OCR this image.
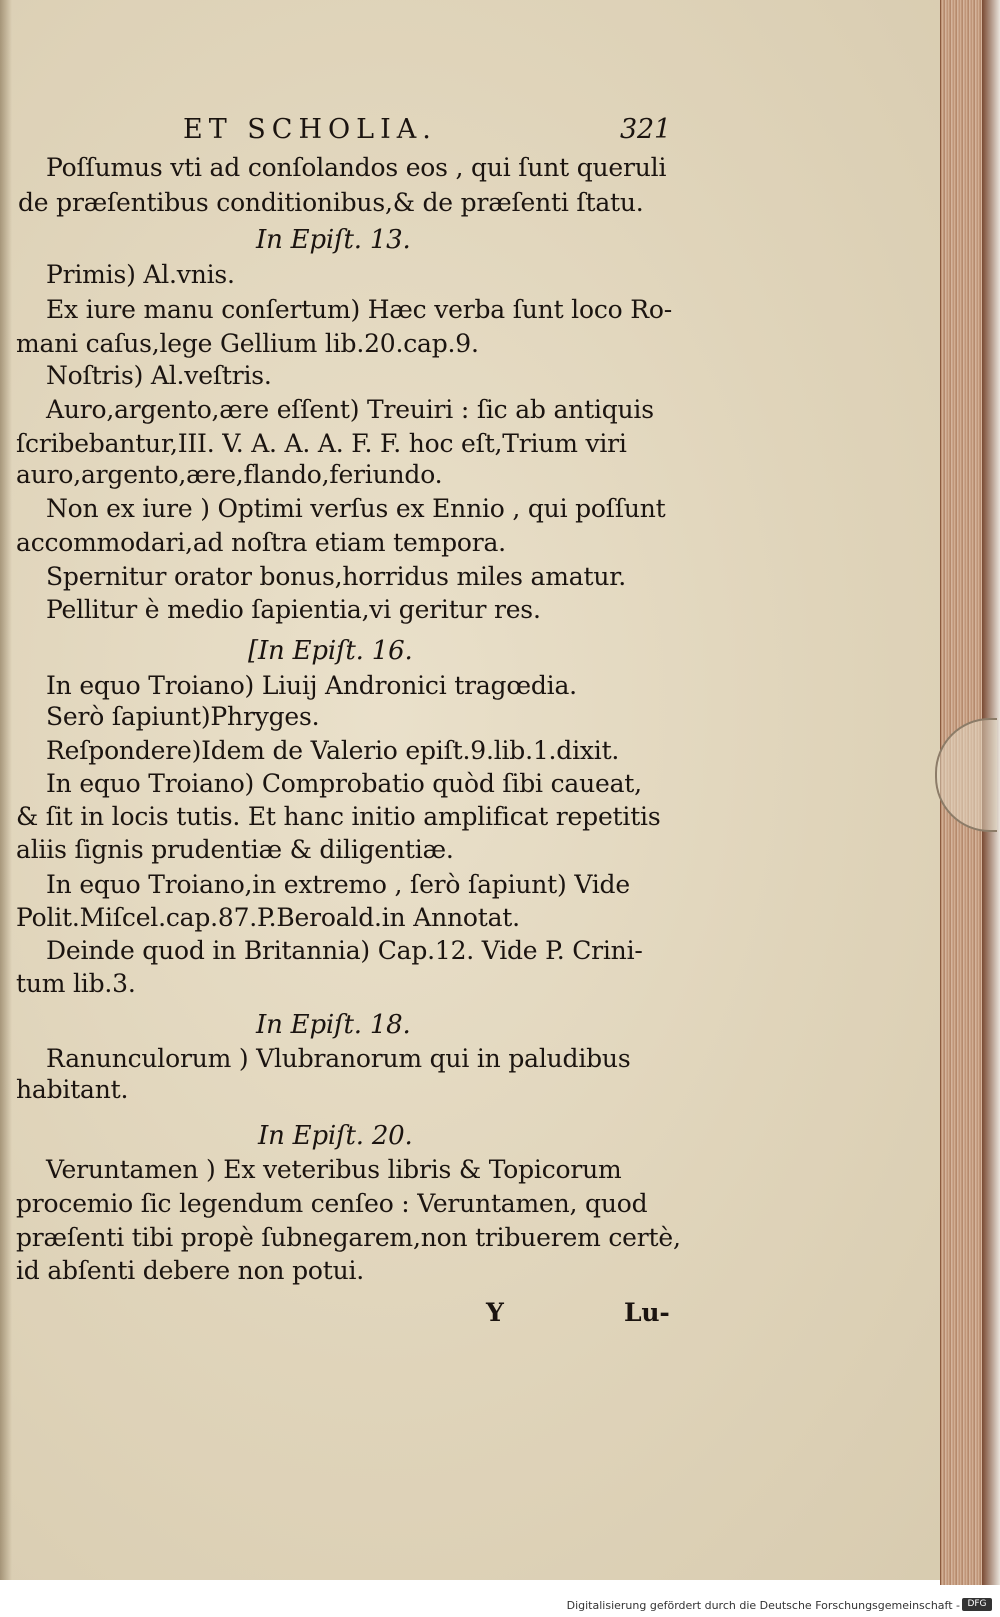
ET SCHOLIA.	321
Poſſumus vti ad conſolandos eos , qui ſunt queruli
de præſentibus conditionibus,& de præſenti ſtatu.
In Epiſt. 13.
Primis) Al.vnis.
Ex iure manu conſertum) Hæc verba ſunt loco Ro-
mani caſus,lege Gellium lib.20.cap.9.
Noſtris) Al.veſtris.
Auro,argento,ære eſſent) Treuiri : ſic ab antiquis
ſcribebantur,III. V. A. A. A. F. F. hoc eſt,Trium viri
auro,argento,ære,flando,feriundo.
Non ex iure ) Optimi verſus ex Ennio , qui poſſunt
accommodari,ad noſtra etiam tempora.
Spernitur orator bonus,horridus miles amatur.
Pellitur è medio ſapientia,vi geritur res.
[In Epiſt. 16.
In equo Troiano) Liuij Andronici tragœdia.
Serò ſapiunt)Phryges.
Reſpondere)Idem de Valerio epiſt.9.lib.1.dixit.
In equo Troiano) Comprobatio quòd ſibi caueat,
& ſit in locis tutis. Et hanc initio amplificat repetitis
aliis ſignis prudentiæ & diligentiæ.
In equo Troiano,in extremo , ſerò ſapiunt) Vide
Polit.Miſcel.cap.87.P.Beroald.in Annotat.
Deinde quod in Britannia) Cap.12. Vide P. Crini-
tum lib.3.
In Epiſt. 18.
Ranunculorum ) Vlubranorum qui in paludibus
habitant.
In Epiſt. 20.
Veruntamen ) Ex veteribus libris & Topicorum
procemio ſic legendum cenſeo : Veruntamen, quod
præſenti tibi propè ſubnegarem,non tribuerem certè,
id abſenti debere non potui.
Y	Lu-
Digitalisierung gefördert durch die Deutsche Forschungsgemeinschaft - DFG
